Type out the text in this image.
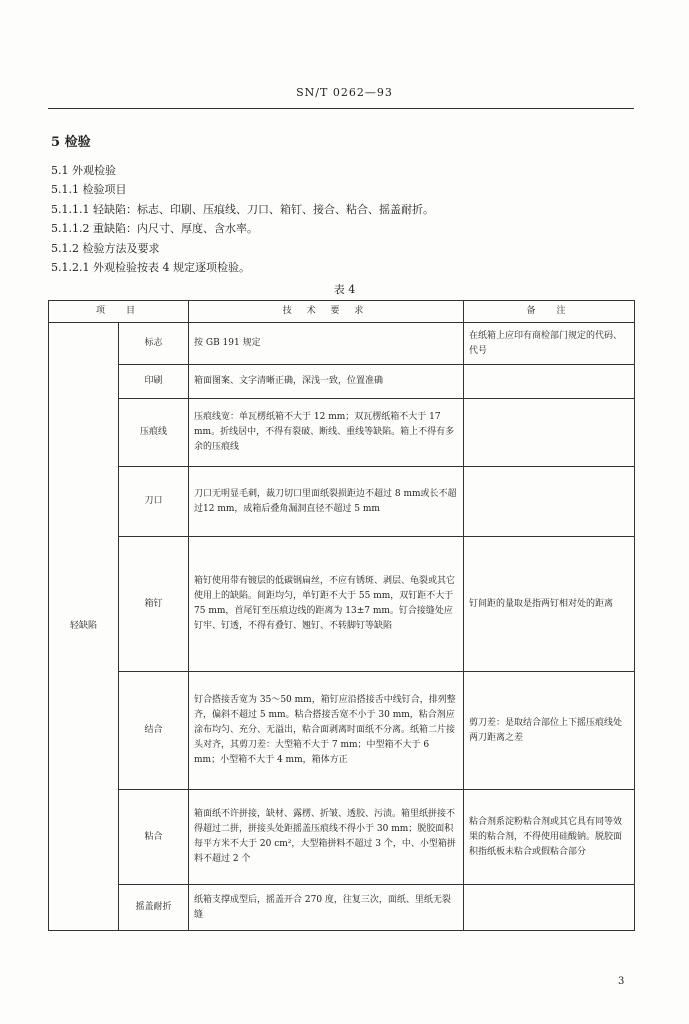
SN/T 0262—93
5 检验
5.1 外观检验
5.1.1 检验项目
5.1.1.1 轻缺陷：标志、印刷、压痕线、刀口、箱钉、接合、粘合、摇盖耐折。
5.1.1.2 重缺陷：内尺寸、厚度、含水率。
5.1.2 检验方法及要求
5.1.2.1 外观检验按表 4 规定逐项检验。
表 4
项　目		技 术 要 求	备　注
轻缺陷	标志	按 GB 191 规定	在纸箱上应印有商检部门规定的代码、代号
	印刷	箱面图案、文字清晰正确，深浅一致，位置准确	
	压痕线	压痕线宽：单瓦楞纸箱不大于 12 mm；双瓦楞纸箱不大于 17 mm。折线居中，不得有裂破、断线、重线等缺陷。箱上不得有多余的压痕线	
	刀口	刀口无明显毛刺，裁刀切口里面纸裂损距边不超过 8 mm或长不超过12 mm，成箱后叠角漏洞直径不超过 5 mm	
	箱钉	箱钉使用带有镀层的低碳钢扁丝，不应有锈斑、剥层、龟裂或其它使用上的缺陷。间距均匀，单钉距不大于 55 mm，双钉距不大于 75 mm，首尾钉至压痕边线的距离为 13±7 mm。钉合接缝处应钉牢、钉透，不得有叠钉、翘钉、不转脚钉等缺陷	钉间距的量取是指两钉相对处的距离
	结合	钉合搭接舌宽为 35～50 mm，箱钉应沿搭接舌中线钉合，排列整齐，偏斜不超过 5 mm。粘合搭接舌宽不小于 30 mm，粘合剂应涂布均匀、充分、无溢出，粘合面剥离时面纸不分离。纸箱二片接头对齐，其剪刀差：大型箱不大于 7 mm；中型箱不大于 6 mm；小型箱不大于 4 mm，箱体方正	剪刀差：是取结合部位上下摇压痕线处两刀距离之差
	粘合	箱面纸不许拼接，缺材、露楞、折皱、透胶、污渍。箱里纸拼接不得超过二拼，拼接头处距摇盖压痕线不得小于 30 mm；脱胶面积每平方米不大于 20 cm²，大型箱拼料不超过 3 个，中、小型箱拼料不超过 2 个	粘合剂系淀粉粘合剂或其它具有同等效果的粘合剂，不得使用硅酸钠。脱胶面积指纸板未粘合或假粘合部分
	摇盖耐折	纸箱支撑成型后，摇盖开合 270 度，往复三次，面纸、里纸无裂缝	
3
